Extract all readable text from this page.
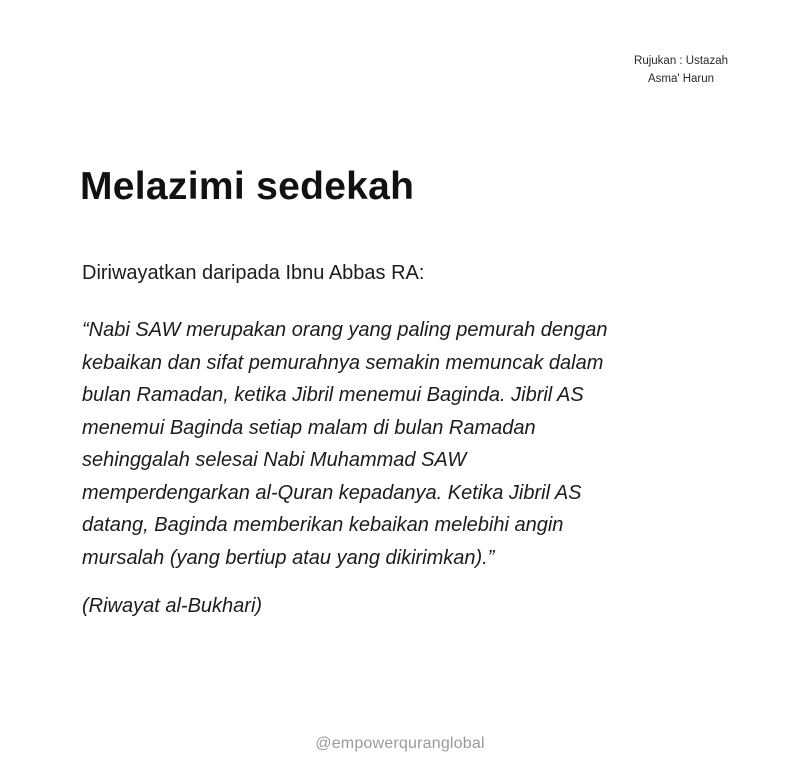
Rujukan : Ustazah
Asma' Harun
Melazimi sedekah
Diriwayatkan daripada Ibnu Abbas RA:
“Nabi SAW merupakan orang yang paling pemurah dengan
kebaikan dan sifat pemurahnya semakin memuncak dalam
bulan Ramadan, ketika Jibril menemui Baginda. Jibril AS
menemui Baginda setiap malam di bulan Ramadan
sehinggalah selesai Nabi Muhammad SAW
memperdengarkan al-Quran kepadanya. Ketika Jibril AS
datang, Baginda memberikan kebaikan melebihi angin
mursalah (yang bertiup atau yang dikirimkan).”
(Riwayat al-Bukhari)
@empowerquranglobal
